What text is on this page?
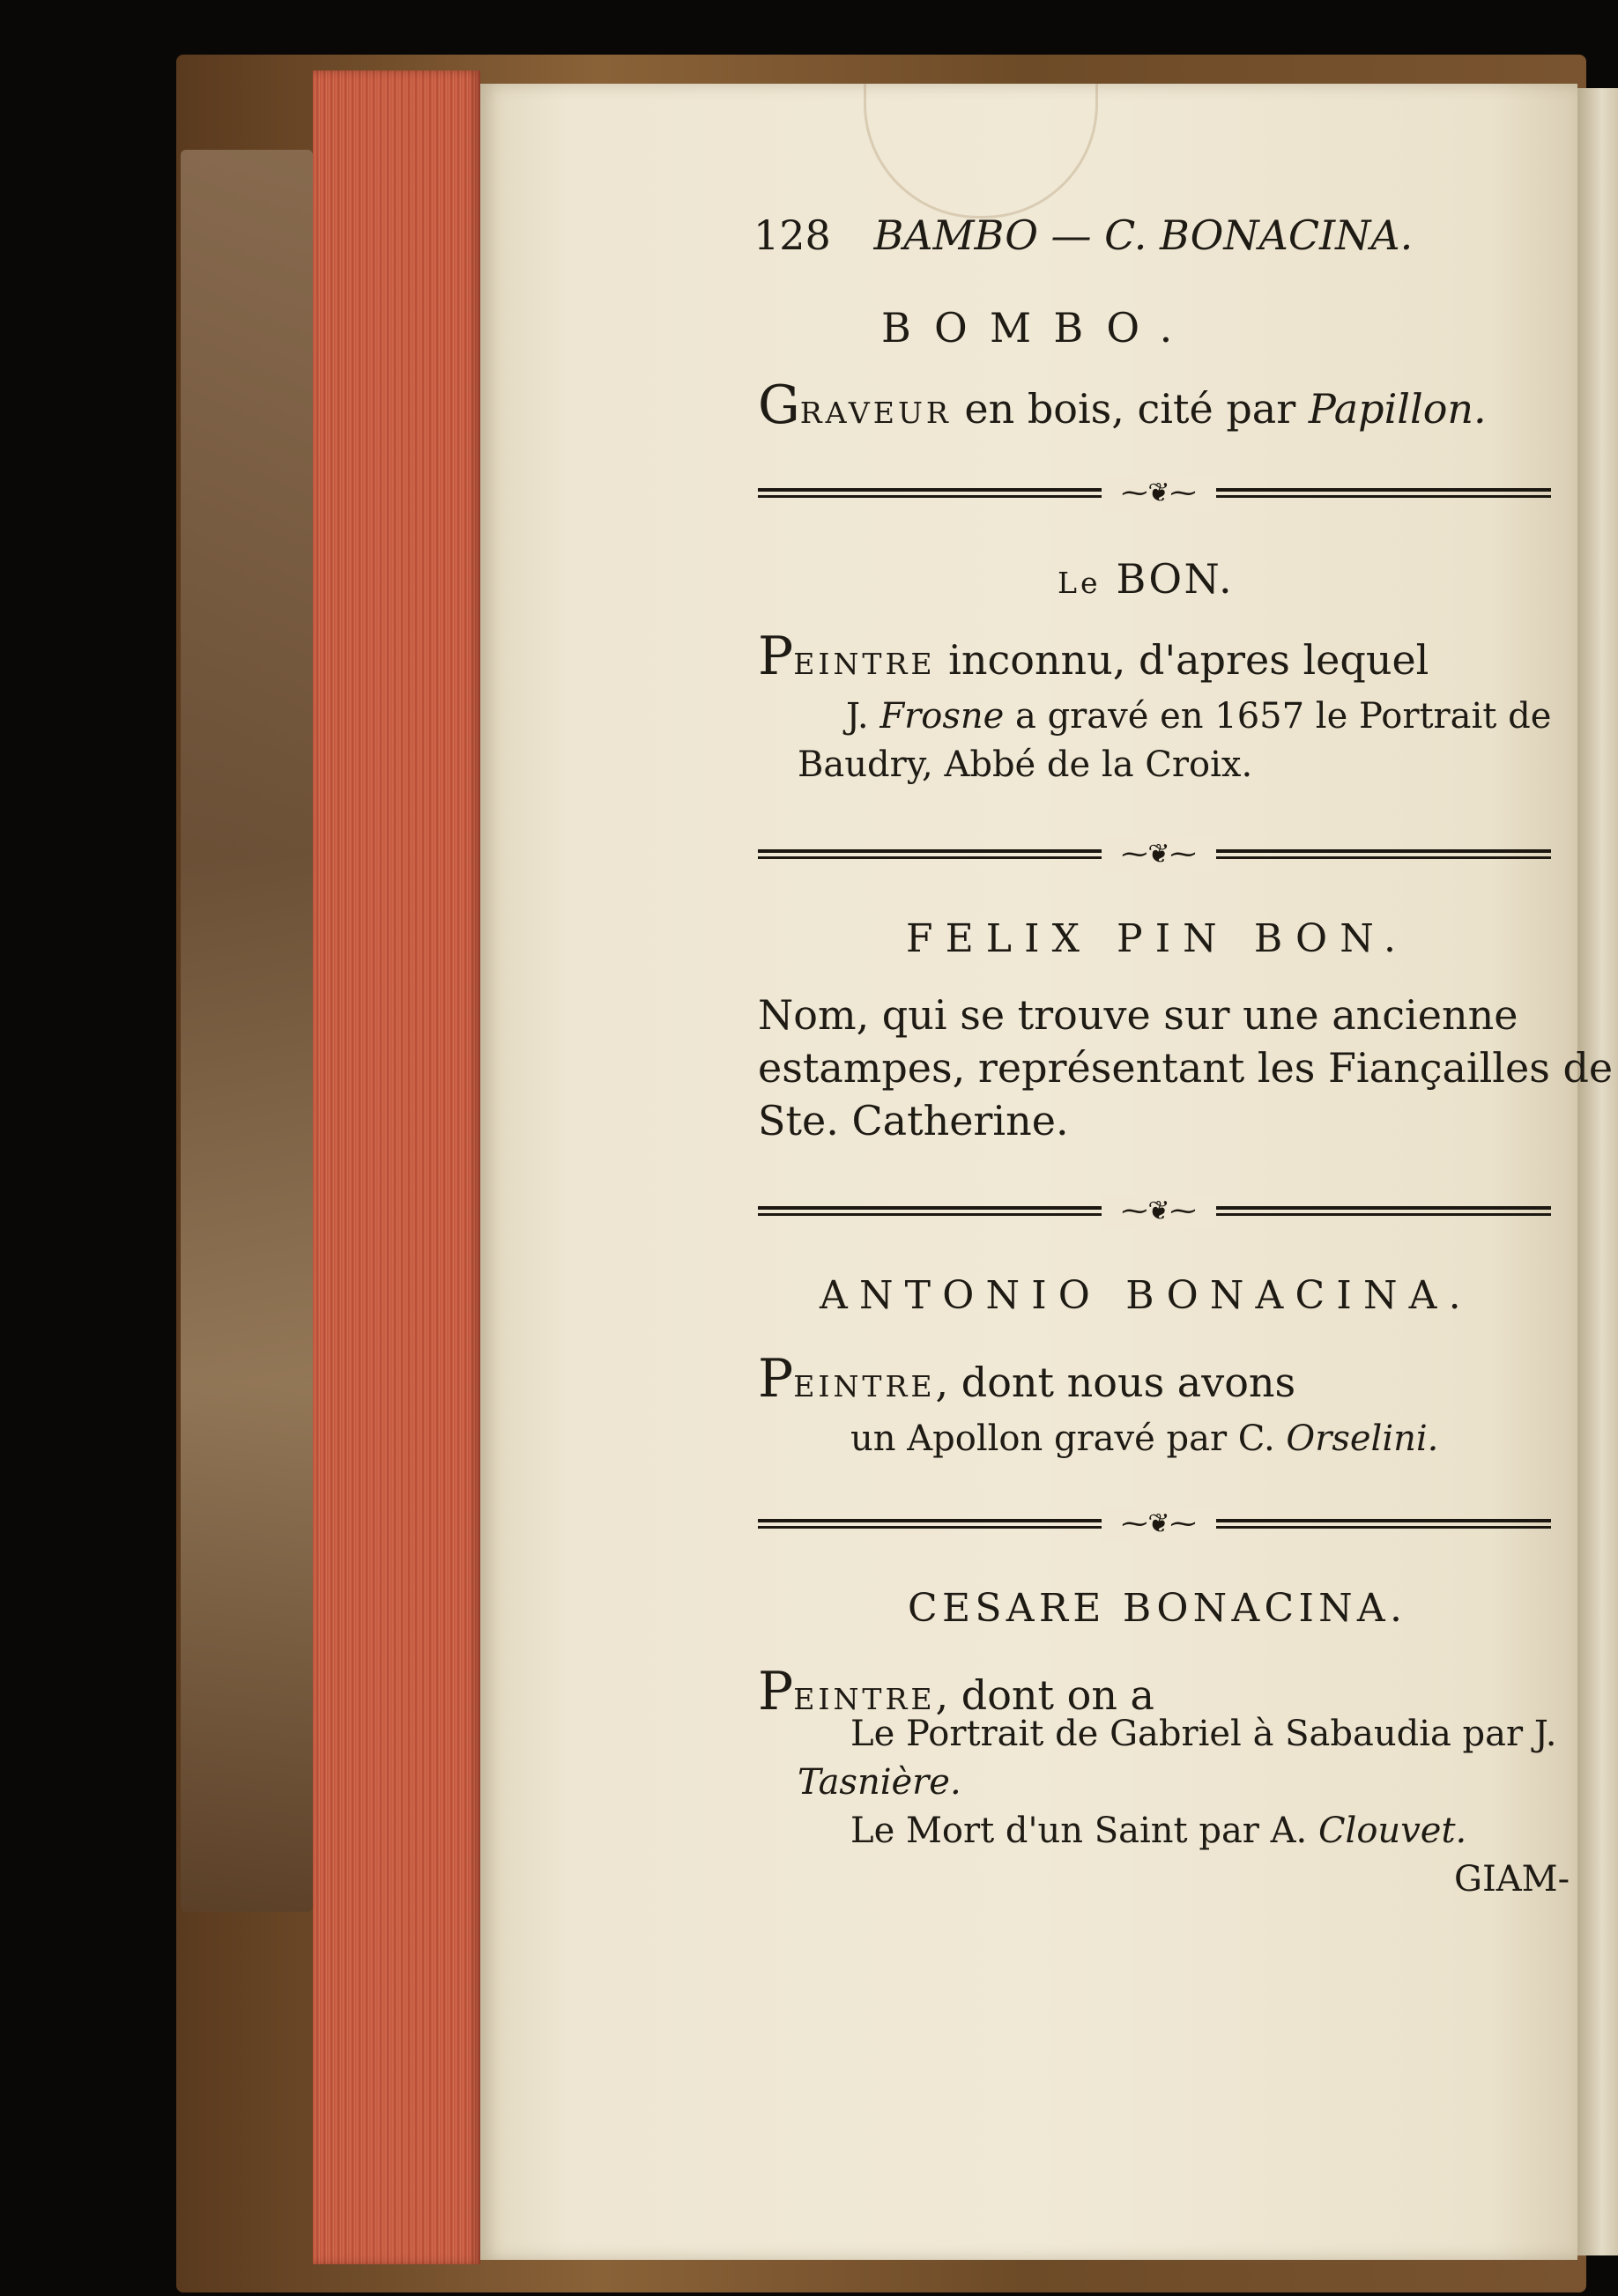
128 BAMBO — C. BONACINA.
BOMBO.
GRAVEUR en bois, cité par Papillon.
⁓❦⁓
Le BON.
PEINTRE inconnu, d'apres lequel
J. Frosne a gravé en 1657 le Portrait de
Baudry, Abbé de la Croix.
⁓❦⁓
FELIX PIN BON.
Nom, qui se trouve sur une ancienne
estampes, représentant les Fiançailles de
Ste. Catherine.
⁓❦⁓
ANTONIO BONACINA.
PEINTRE, dont nous avons
un Apollon gravé par C. Orselini.
⁓❦⁓
CESARE BONACINA.
PEINTRE, dont on a
Le Portrait de Gabriel à Sabaudia par J.
Tasnière.
Le Mort d'un Saint par A. Clouvet.
GIAM-
